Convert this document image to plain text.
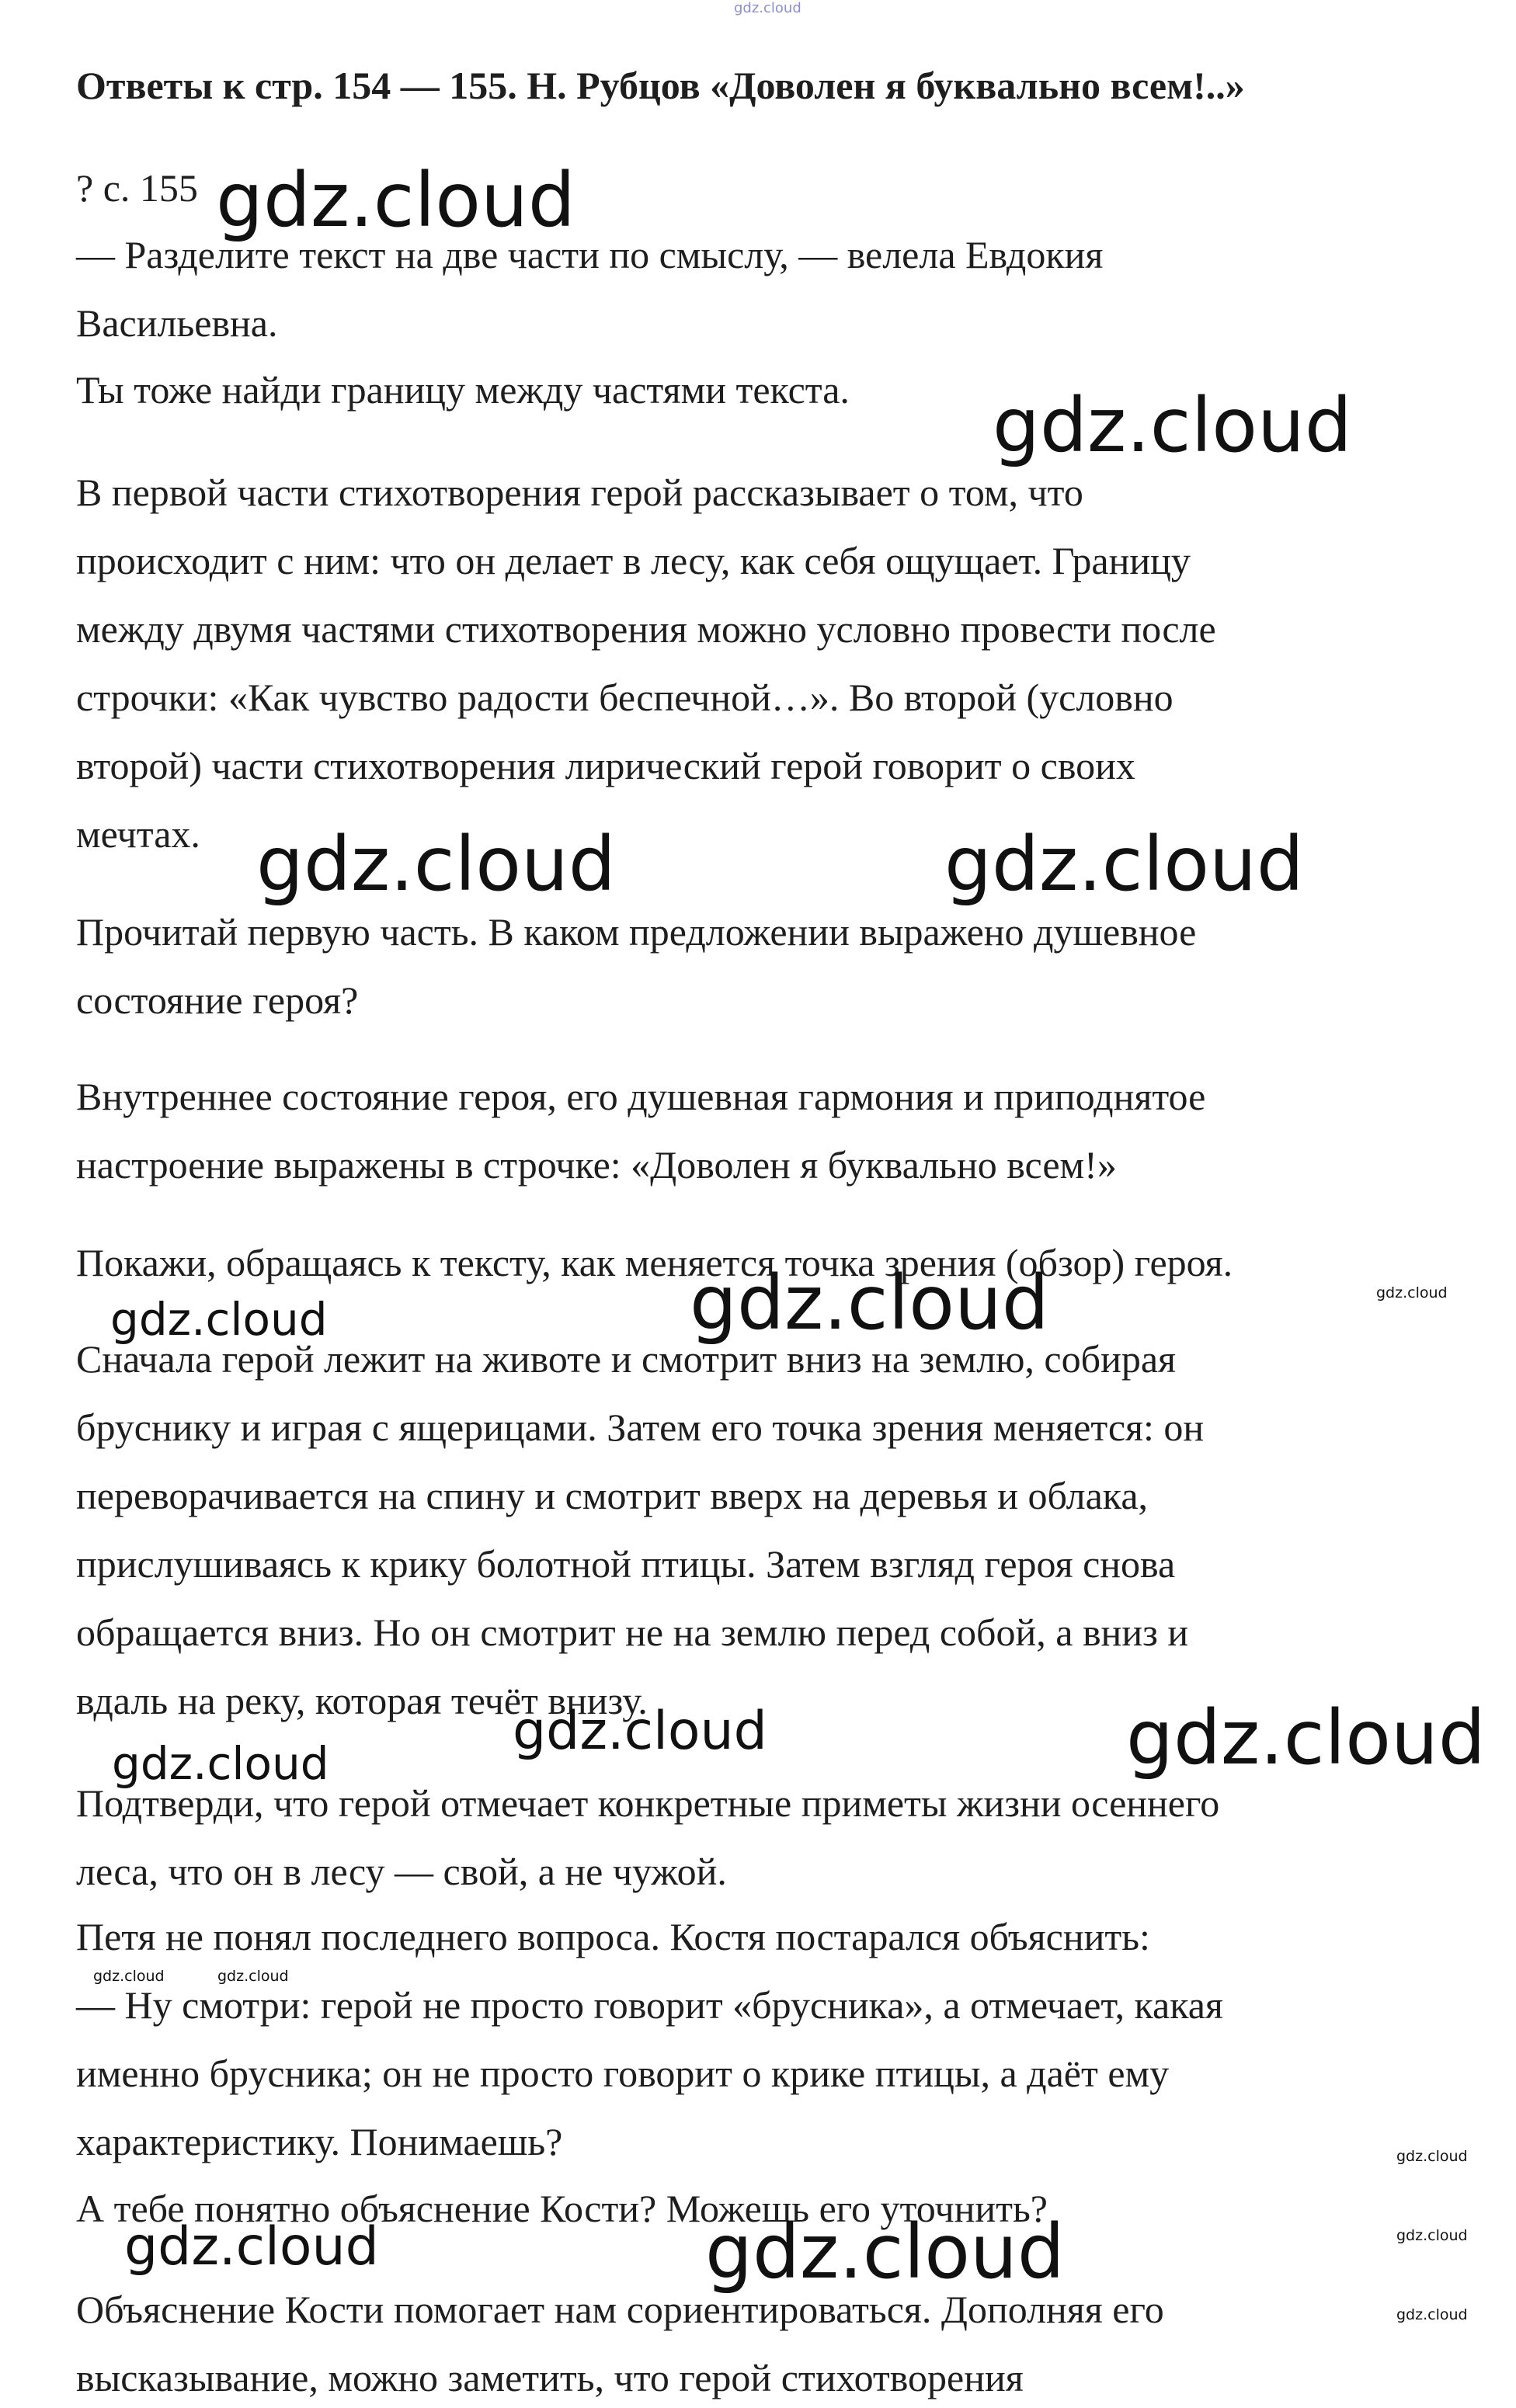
Ответы к стр. 154 — 155. Н. Рубцов «Доволен я буквально всем!..»
? с. 155
— Разделите текст на две части по смыслу, — велела Евдокия
Васильевна.
Ты тоже найди границу между частями текста.
В первой части стихотворения герой рассказывает о том, что
происходит с ним: что он делает в лесу, как себя ощущает. Границу
между двумя частями стихотворения можно условно провести после
строчки: «Как чувство радости беспечной…». Во второй (условно
второй) части стихотворения лирический герой говорит о своих
мечтах.
Прочитай первую часть. В каком предложении выражено душевное
состояние героя?
Внутреннее состояние героя, его душевная гармония и приподнятое
настроение выражены в строчке: «Доволен я буквально всем!»
Покажи, обращаясь к тексту, как меняется точка зрения (обзор) героя.
Сначала герой лежит на животе и смотрит вниз на землю, собирая
бруснику и играя с ящерицами. Затем его точка зрения меняется: он
переворачивается на спину и смотрит вверх на деревья и облака,
прислушиваясь к крику болотной птицы. Затем взгляд героя снова
обращается вниз. Но он смотрит не на землю перед собой, а вниз и
вдаль на реку, которая течёт внизу.
Подтверди, что герой отмечает конкретные приметы жизни осеннего
леса, что он в лесу — свой, а не чужой.
Петя не понял последнего вопроса. Костя постарался объяснить:
— Ну смотри: герой не просто говорит «брусника», а отмечает, какая
именно брусника; он не просто говорит о крике птицы, а даёт ему
характеристику. Понимаешь?
А тебе понятно объяснение Кости? Можешь его уточнить?
Объяснение Кости помогает нам сориентироваться. Дополняя его
высказывание, можно заметить, что герой стихотворения
gdz.cloud
gdz.cloud
gdz.cloud
gdz.cloud	gdz.cloud
gdz.cloud
gdz.cloud
gdz.cloud
gdz.cloud
gdz.cloud
gdz.cloud
gdz.cloud
gdz.cloud
gdz.cloud	gdz.cloud
gdz.cloud
gdz.cloud
gdz.cloud
